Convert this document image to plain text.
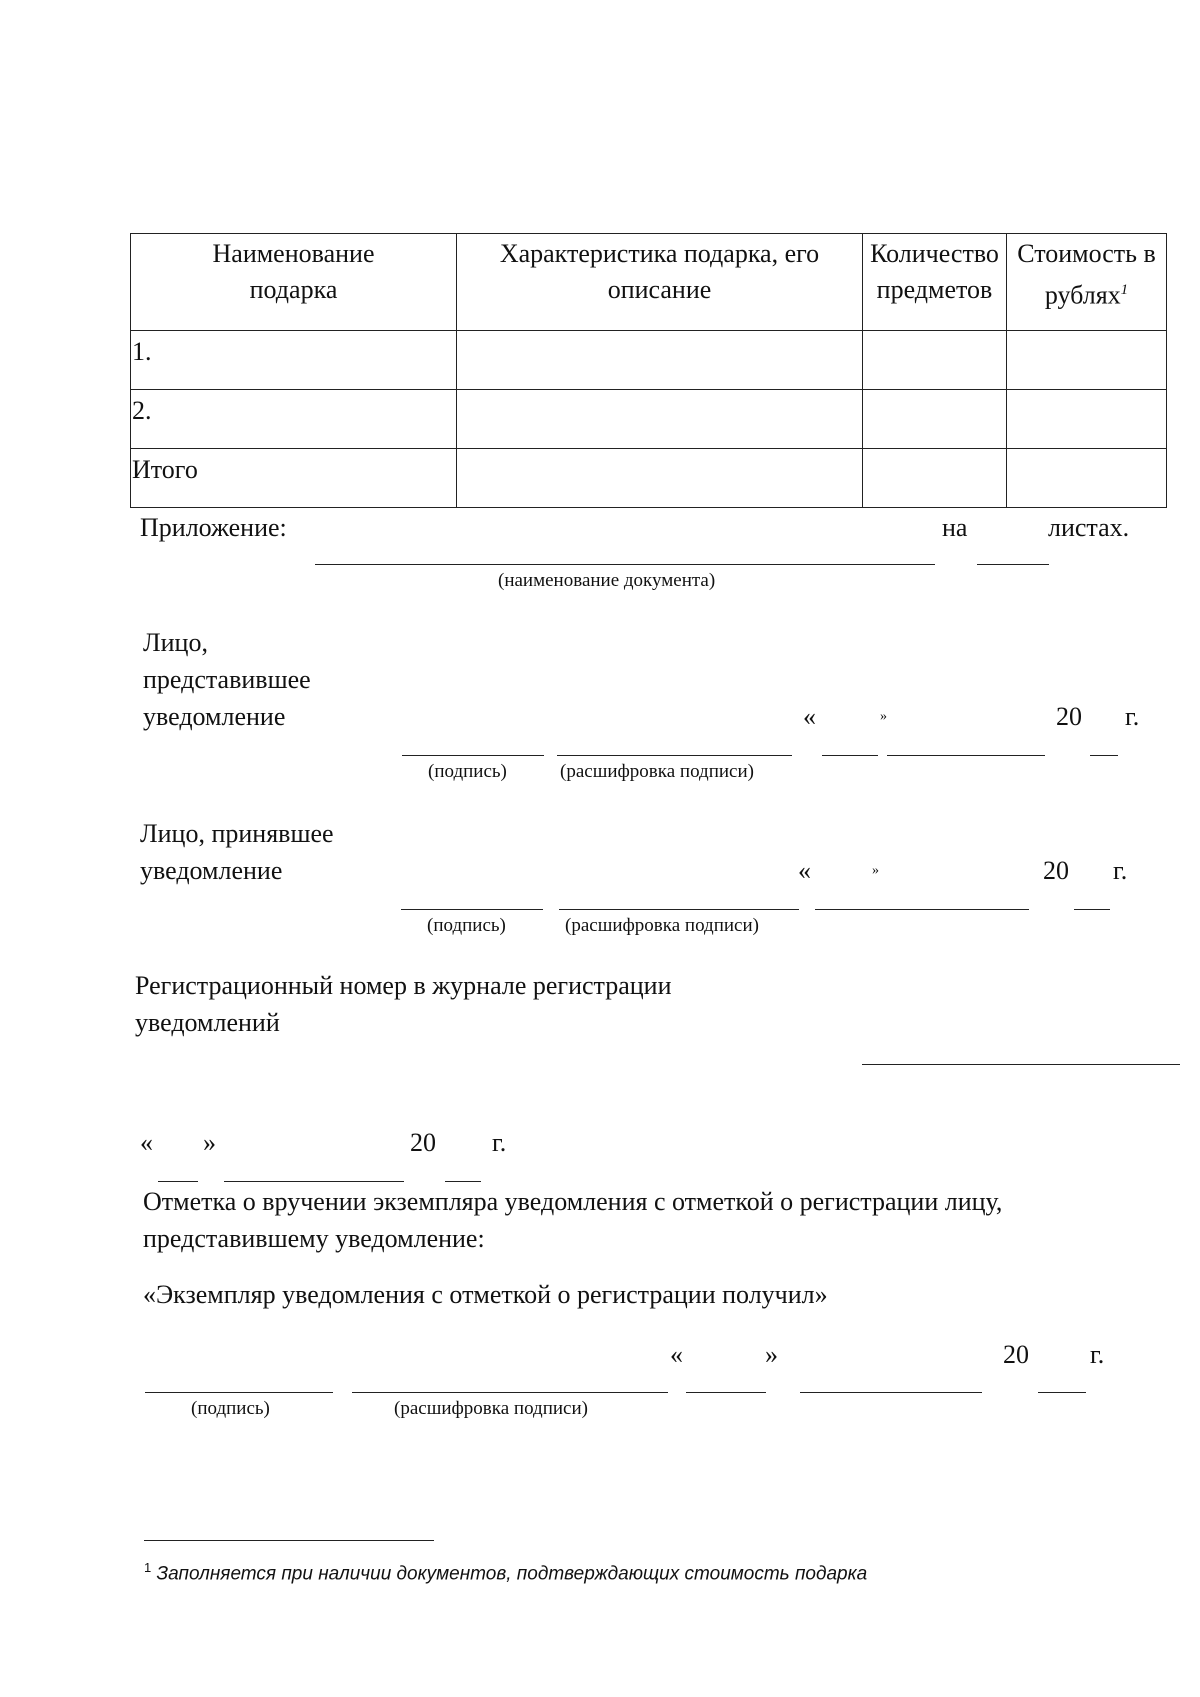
Наименование подарка	Характеристика подарка, его описание	Количество предметов	Стоимость в рублях$^1$
1.			
2.			
Итого			
Приложение:	на	листах.
(наименование документа)
Лицо,
представившее
уведомление	«	»	20 г.
(подпись)	(расшифровка подписи)
Лицо, принявшее
уведомление	«	»	20 г.
(подпись)	(расшифровка подписи)
Регистрационный номер в журнале регистрации
уведомлений
« »	20 г.
Отметка о вручении экземпляра уведомления с отметкой о регистрации лицу,
представившему уведомление:
«Экземпляр уведомления с отметкой о регистрации получил»
«	»	20 г.
(подпись)	(расшифровка подписи)
$^1$ Заполняется при наличии документов, подтверждающих стоимость подарка
